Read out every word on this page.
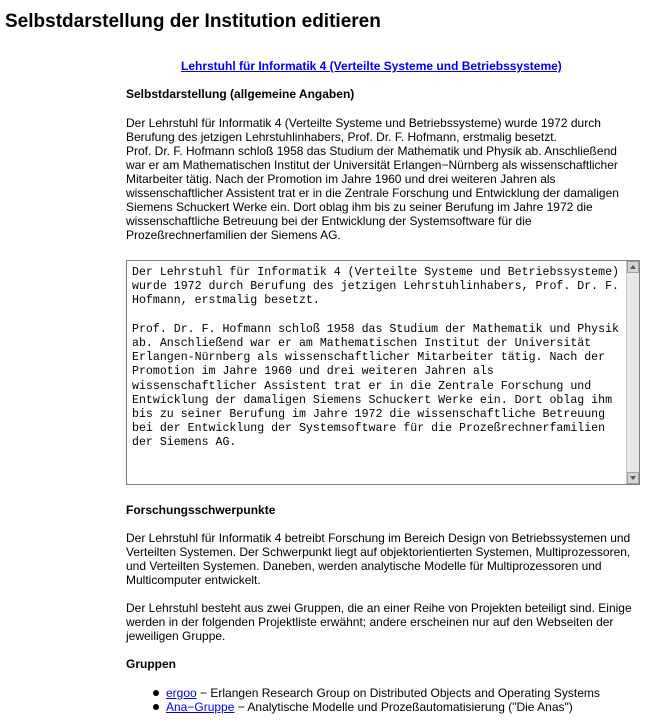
Selbstdarstellung der Institution editieren
Lehrstuhl für Informatik 4 (Verteilte Systeme und Betriebssysteme)
Selbstdarstellung (allgemeine Angaben)

Der Lehrstuhl für Informatik 4 (Verteilte Systeme und Betriebssysteme) wurde 1972 durch Berufung des jetzigen Lehrstuhlinhabers, Prof. Dr. F. Hofmann, erstmalig besetzt.
Prof. Dr. F. Hofmann schloß 1958 das Studium der Mathematik und Physik ab. Anschließend war er am Mathematischen Institut der Universität Erlangen−Nürnberg als wissenschaftlicher Mitarbeiter tätig. Nach der Promotion im Jahre 1960 und drei weiteren Jahren als wissenschaftlicher Assistent trat er in die Zentrale Forschung und Entwicklung der damaligen Siemens Schuckert Werke ein. Dort oblag ihm bis zu seiner Berufung im Jahre 1972 die wissenschaftliche Betreuung bei der Entwicklung der Systemsoftware für die Prozeßrechnerfamilien der Siemens AG.

Der Lehrstuhl für Informatik 4 (Verteilte Systeme und Betriebssysteme) wurde 1972 durch Berufung des jetzigen Lehrstuhlinhabers, Prof. Dr. F. Hofmann, erstmalig besetzt. Prof. Dr. F. Hofmann schloß 1958 das Studium der Mathematik und Physik ab. Anschließend war er am Mathematischen Institut der Universität Erlangen-Nürnberg als wissenschaftlicher Mitarbeiter tätig. Nach der Promotion im Jahre 1960 und drei weiteren Jahren als wissenschaftlicher Assistent trat er in die Zentrale Forschung und Entwicklung der damaligen Siemens Schuckert Werke ein. Dort oblag ihm bis zu seiner Berufung im Jahre 1972 die wissenschaftliche Betreuung bei der Entwicklung der Systemsoftware für die Prozeßrechnerfamilien der Siemens AG.
Forschungsschwerpunkte

Der Lehrstuhl für Informatik 4 betreibt Forschung im Bereich Design von Betriebssystemen und Verteilten Systemen. Der Schwerpunkt liegt auf objektorientierten Systemen, Multiprozessoren, und Verteilten Systemen. Daneben, werden analytische Modelle für Multiprozessoren und Multicomputer entwickelt.

Der Lehrstuhl besteht aus zwei Gruppen, die an einer Reihe von Projekten beteiligt sind. Einige werden in der folgenden Projektliste erwähnt; andere erscheinen nur auf den Webseiten der jeweiligen Gruppe.

Gruppen
ergoo − Erlangen Research Group on Distributed Objects and Operating Systems
Ana−Gruppe − Analytische Modelle und Prozeßautomatisierung ("Die Anas")
